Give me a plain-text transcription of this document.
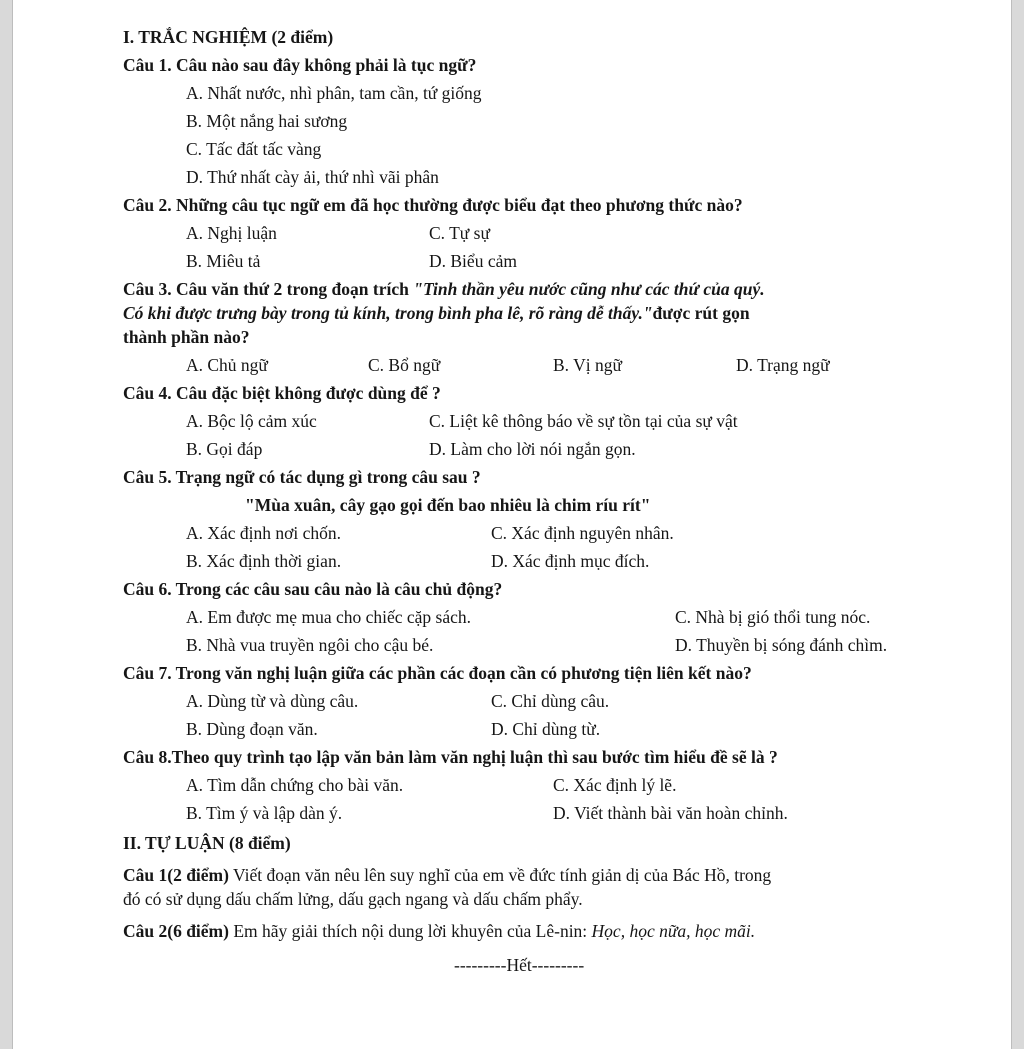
I. TRẮC NGHIỆM (2 điểm)
Câu 1. Câu nào sau đây không phải là tục ngữ?
A. Nhất nước, nhì phân, tam cần, tứ giống
B. Một nắng hai sương
C. Tấc đất tấc vàng
D. Thứ nhất cày ải, thứ nhì vãi phân
Câu 2. Những câu tục ngữ em đã học thường được biểu đạt theo phương thức nào?
A. Nghị luận	C. Tự sự
B. Miêu tả	D. Biểu cảm
Câu 3. Câu văn thứ 2 trong đoạn trích "Tinh thần yêu nước cũng như các thứ của quý.
Có khi được trưng bày trong tủ kính, trong bình pha lê, rõ ràng dễ thấy."được rút gọn
thành phần nào?
A. Chủ ngữ	C. Bổ ngữ	B. Vị ngữ	D. Trạng ngữ
Câu 4. Câu đặc biệt không được dùng để ?
A. Bộc lộ cảm xúc	C. Liệt kê thông báo về sự tồn tại của sự vật
B. Gọi đáp	D. Làm cho lời nói ngắn gọn.
Câu 5. Trạng ngữ có tác dụng gì trong câu sau ?
"Mùa xuân, cây gạo gọi đến bao nhiêu là chim ríu rít"
A. Xác định nơi chốn.	C. Xác định nguyên nhân.
B. Xác định thời gian.	D. Xác định mục đích.
Câu 6. Trong các câu sau câu nào là câu chủ động?
A. Em được mẹ mua cho chiếc cặp sách.	C. Nhà bị gió thổi tung nóc.
B. Nhà vua truyền ngôi cho cậu bé.	D. Thuyền bị sóng đánh chìm.
Câu 7. Trong văn nghị luận giữa các phần các đoạn cần có phương tiện liên kết nào?
A. Dùng từ và dùng câu.	C. Chỉ dùng câu.
B. Dùng đoạn văn.	D. Chỉ dùng từ.
Câu 8.Theo quy trình tạo lập văn bản làm văn nghị luận thì sau bước tìm hiểu đề sẽ là ?
A. Tìm dẫn chứng cho bài văn.	C. Xác định lý lẽ.
B. Tìm ý và lập dàn ý.	D. Viết thành bài văn hoàn chỉnh.
II. TỰ LUẬN (8 điểm)
Câu 1(2 điểm) Viết đoạn văn nêu lên suy nghĩ của em về đức tính giản dị của Bác Hồ, trong
đó có sử dụng dấu chấm lửng, dấu gạch ngang và dấu chấm phẩy.
Câu 2(6 điểm) Em hãy giải thích nội dung lời khuyên của Lê-nin: Học, học nữa, học mãi.
---------Hết---------
